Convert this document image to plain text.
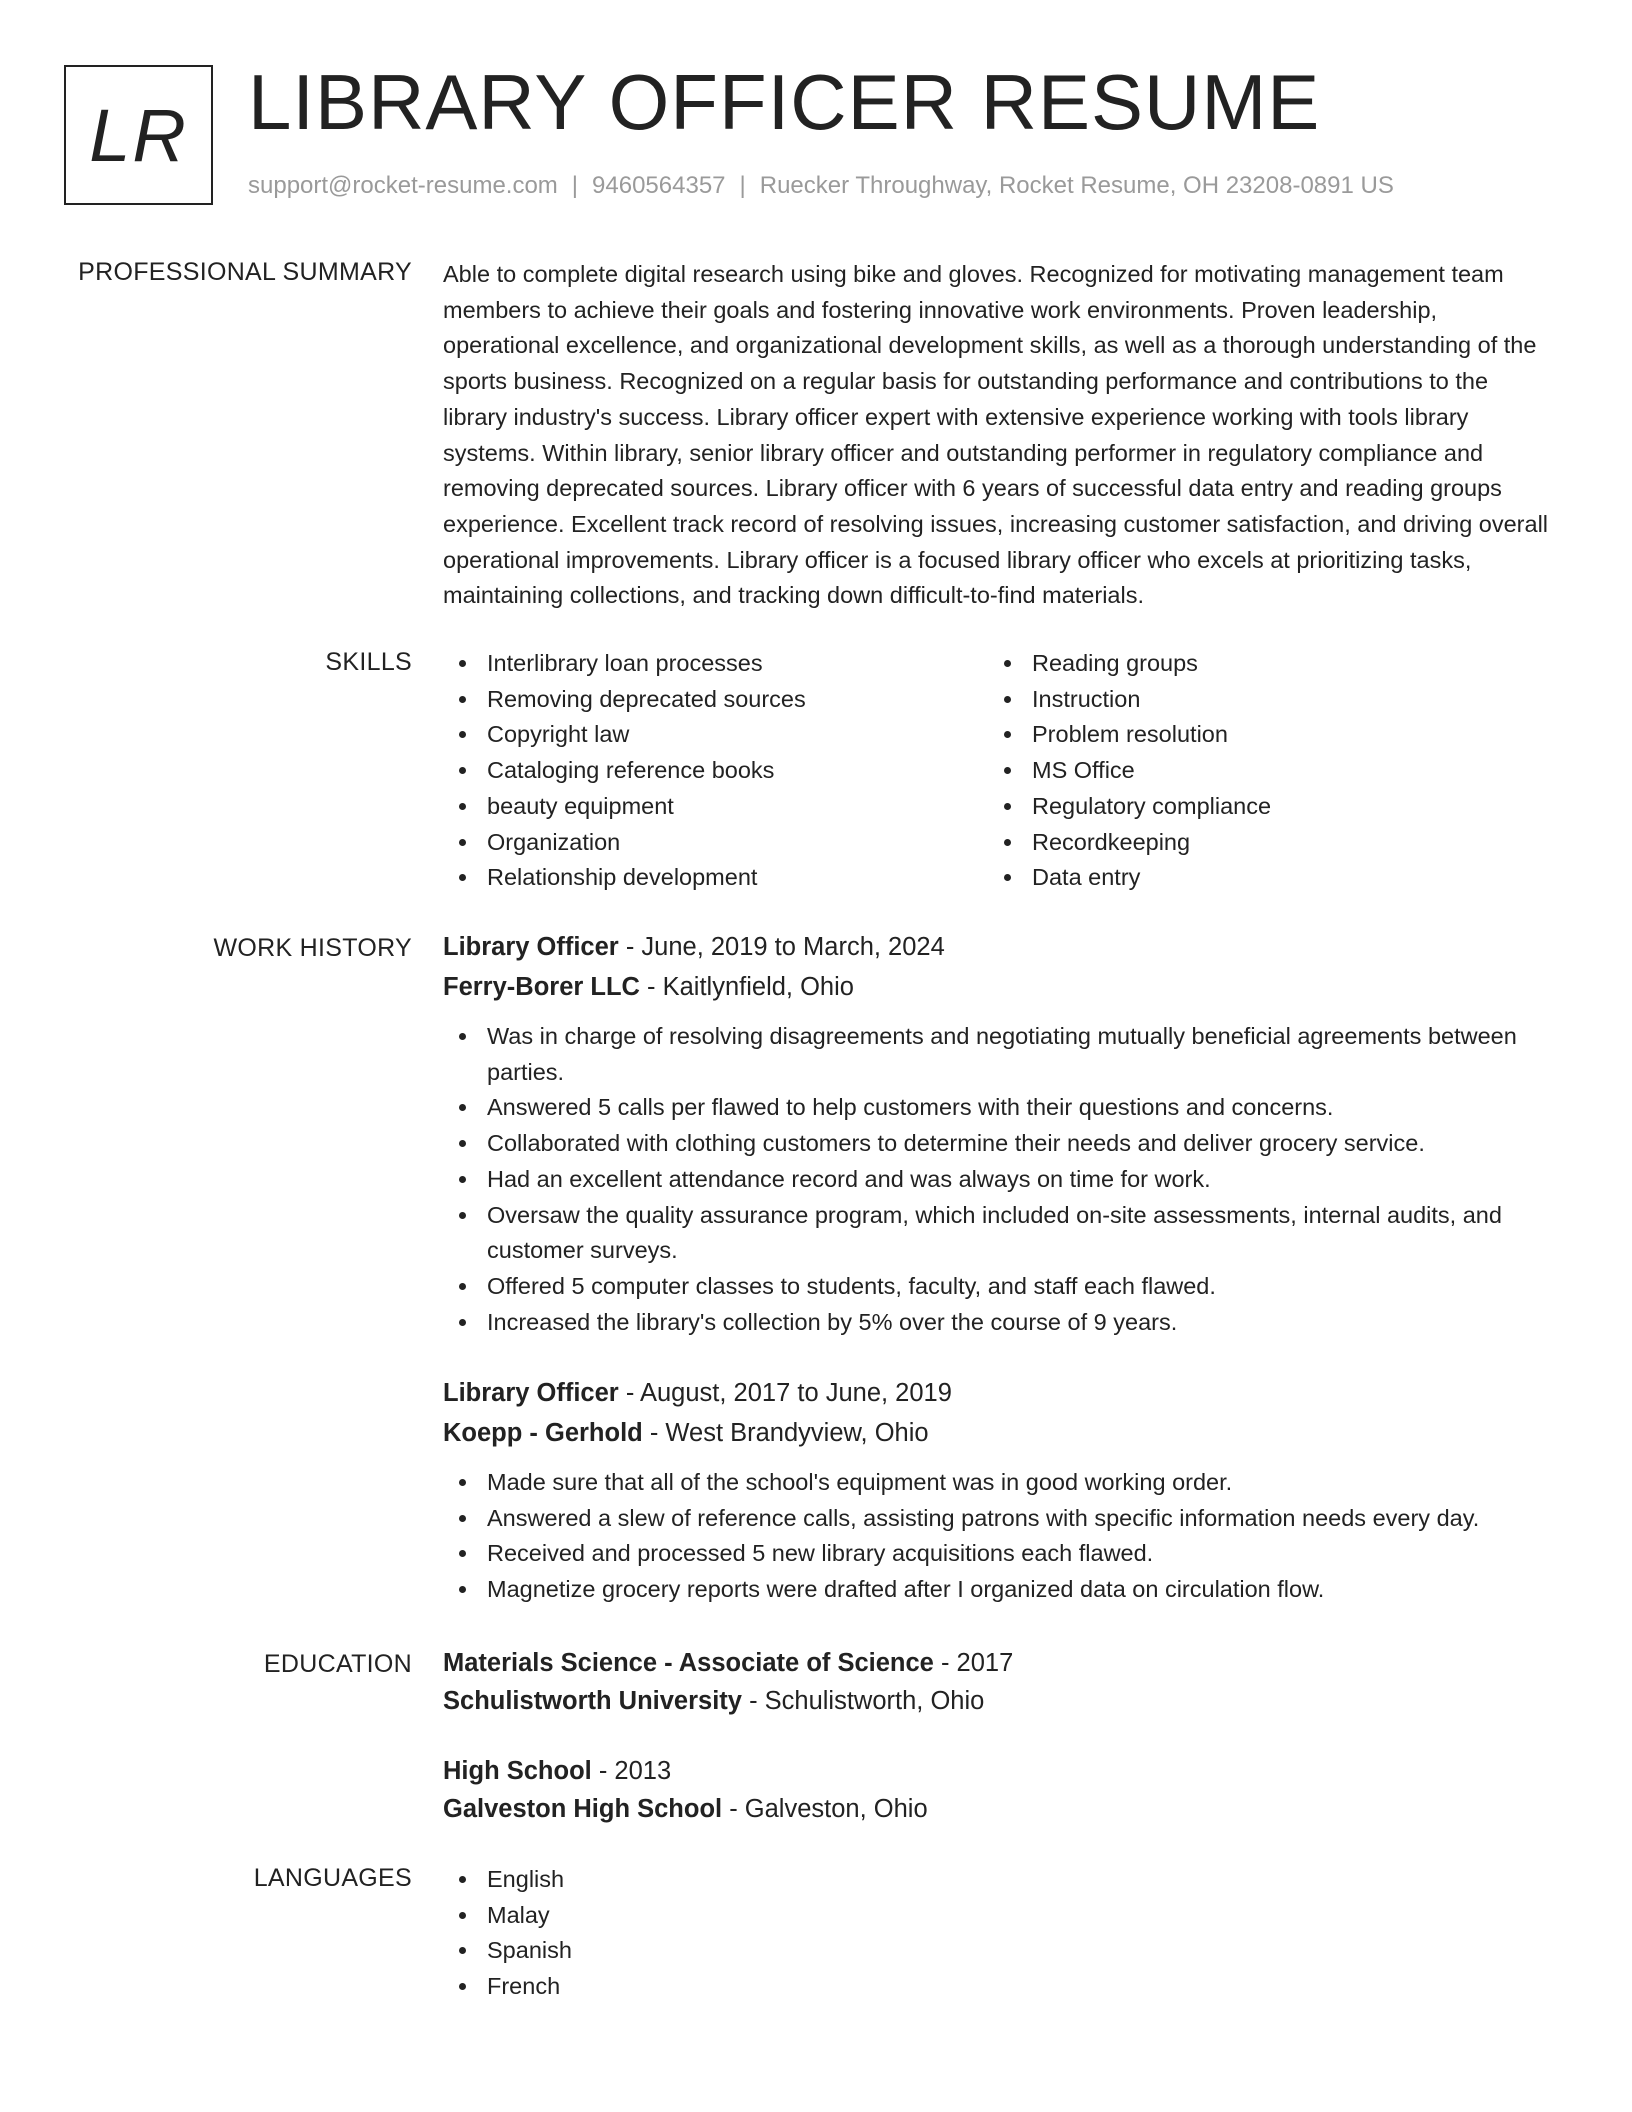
LR LIBRARY OFFICER RESUME
support@rocket-resume.com | 9460564357 | Ruecker Throughway, Rocket Resume, OH 23208-0891 US
PROFESSIONAL SUMMARY Able to complete digital research using bike and gloves. Recognized for motivating management team members to achieve their goals and fostering innovative work environments. Proven leadership, operational excellence, and organizational development skills, as well as a thorough understanding of the sports business. Recognized on a regular basis for outstanding performance and contributions to the library industry's success. Library officer expert with extensive experience working with tools library systems. Within library, senior library officer and outstanding performer in regulatory compliance and removing deprecated sources. Library officer with 6 years of successful data entry and reading groups experience. Excellent track record of resolving issues, increasing customer satisfaction, and driving overall operational improvements. Library officer is a focused library officer who excels at prioritizing tasks, maintaining collections, and tracking down difficult-to-find materials.

SKILLS	Interlibrary loan processes
Removing deprecated sources
Copyright law
Cataloging reference books
beauty equipment
Organization
Relationship development
Reading groups
Instruction
Problem resolution
MS Office
Regulatory compliance
Recordkeeping
Data entry
WORK HISTORY Library Officer - June, 2019 to March, 2024
Ferry-Borer LLC - Kaitlynfield, Ohio
Was in charge of resolving disagreements and negotiating mutually beneficial agreements between parties.
Answered 5 calls per flawed to help customers with their questions and concerns.
Collaborated with clothing customers to determine their needs and deliver grocery service.
Had an excellent attendance record and was always on time for work.
Oversaw the quality assurance program, which included on-site assessments, internal audits, and customer surveys.
Offered 5 computer classes to students, faculty, and staff each flawed.
Increased the library's collection by 5% over the course of 9 years.
Library Officer - August, 2017 to June, 2019
Koepp - Gerhold - West Brandyview, Ohio
Made sure that all of the school's equipment was in good working order.
Answered a slew of reference calls, assisting patrons with specific information needs every day.
Received and processed 5 new library acquisitions each flawed.
Magnetize grocery reports were drafted after I organized data on circulation flow.
EDUCATION Materials Science - Associate of Science - 2017
Schulistworth University - Schulistworth, Ohio
High School - 2013
Galveston High School - Galveston, Ohio
LANGUAGES	English
Malay
Spanish
French
